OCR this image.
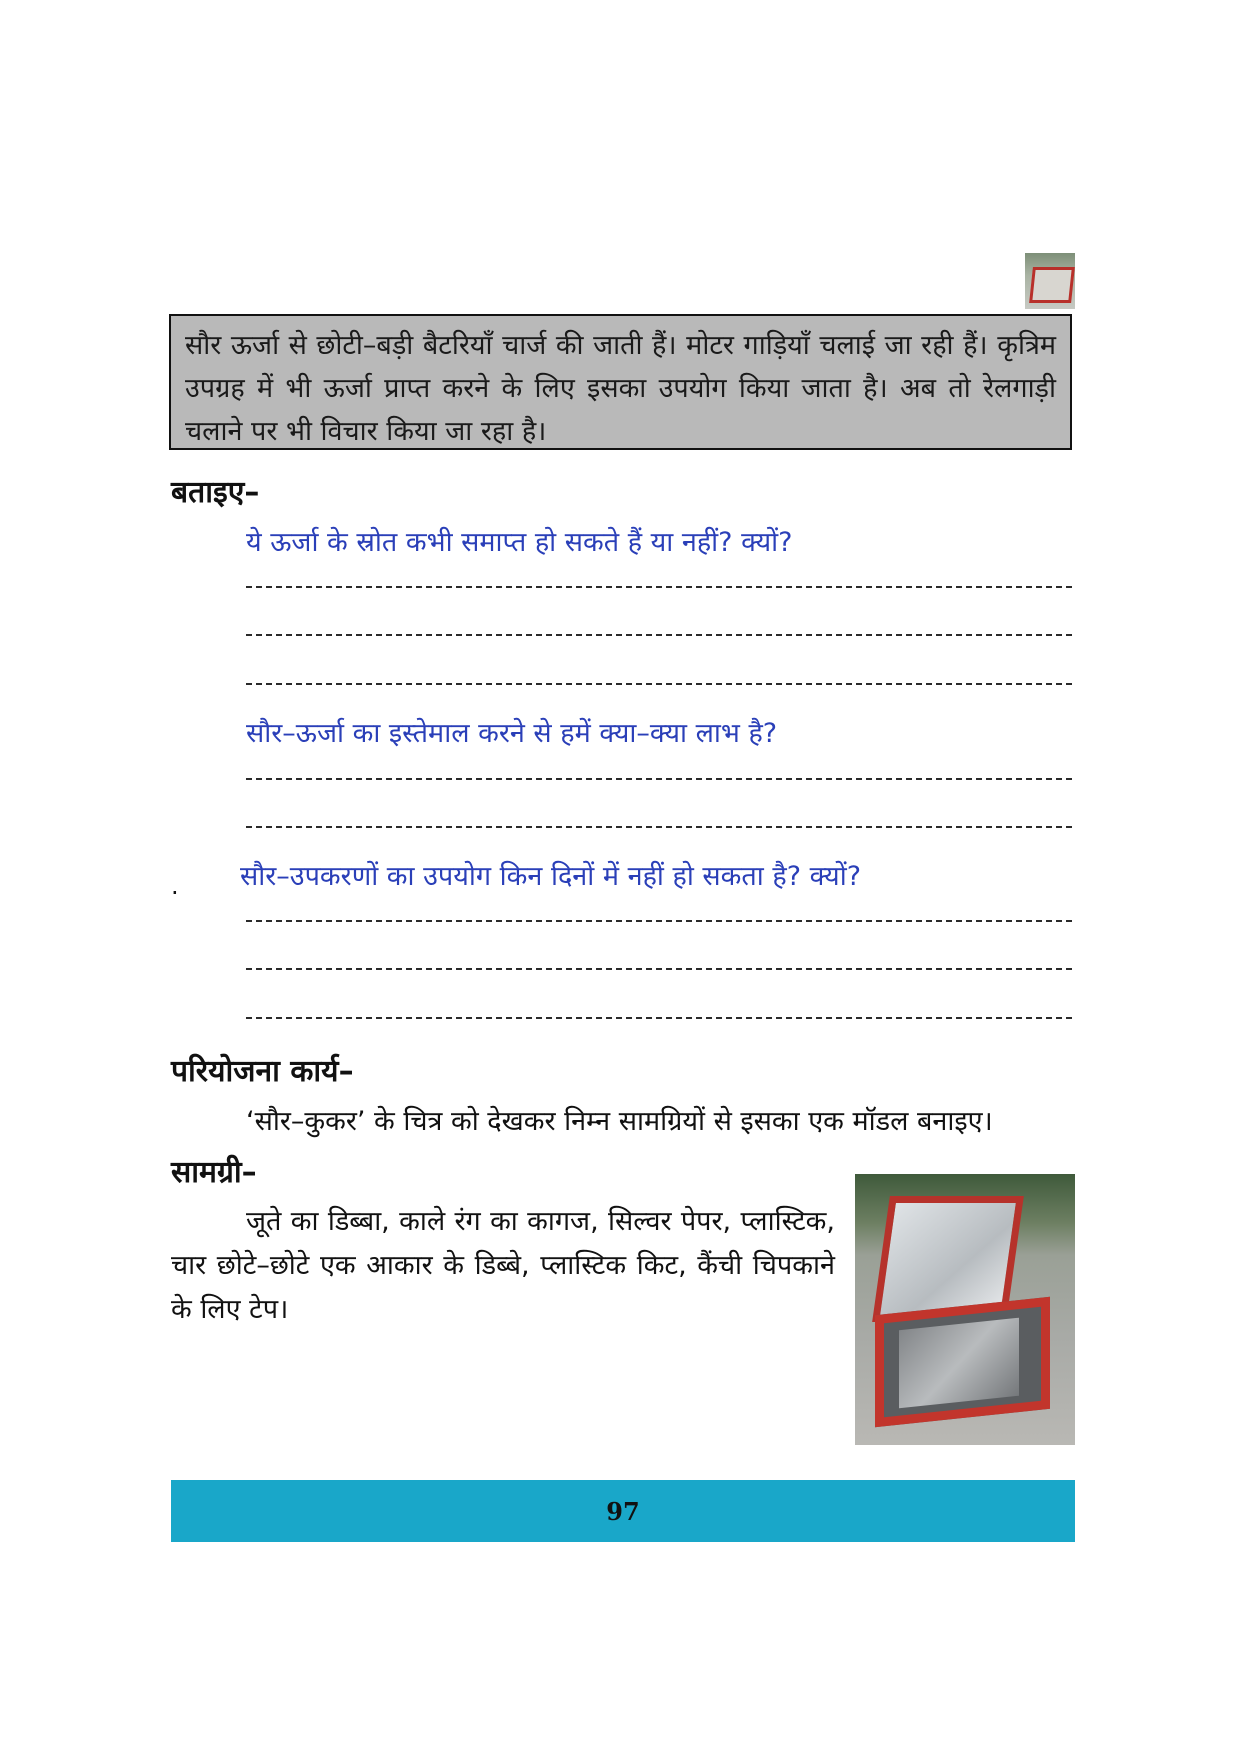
सौर ऊर्जा से छोटी–बड़ी बैटरियाँ चार्ज की जाती हैं। मोटर गाड़ियाँ चलाई जा रही हैं। कृत्रिम उपग्रह में भी ऊर्जा प्राप्त करने के लिए इसका उपयोग किया जाता है। अब तो रेलगाड़ी चलाने पर भी विचार किया जा रहा है।
बताइए–
ये ऊर्जा के स्रोत कभी समाप्त हो सकते हैं या नहीं? क्यों?
सौर–ऊर्जा का इस्तेमाल करने से हमें क्या–क्या लाभ है?
. सौर–उपकरणों का उपयोग किन दिनों में नहीं हो सकता है? क्यों?
परियोजना कार्य–
‘सौर–कुकर’ के चित्र को देखकर निम्न सामग्रियों से इसका एक मॉडल बनाइए।
सामग्री–
जूते का डिब्बा, काले रंग का कागज, सिल्वर पेपर, प्लास्टिक, चार छोटे–छोटे एक आकार के डिब्बे, प्लास्टिक किट, कैंची चिपकाने के लिए टेप।
97
